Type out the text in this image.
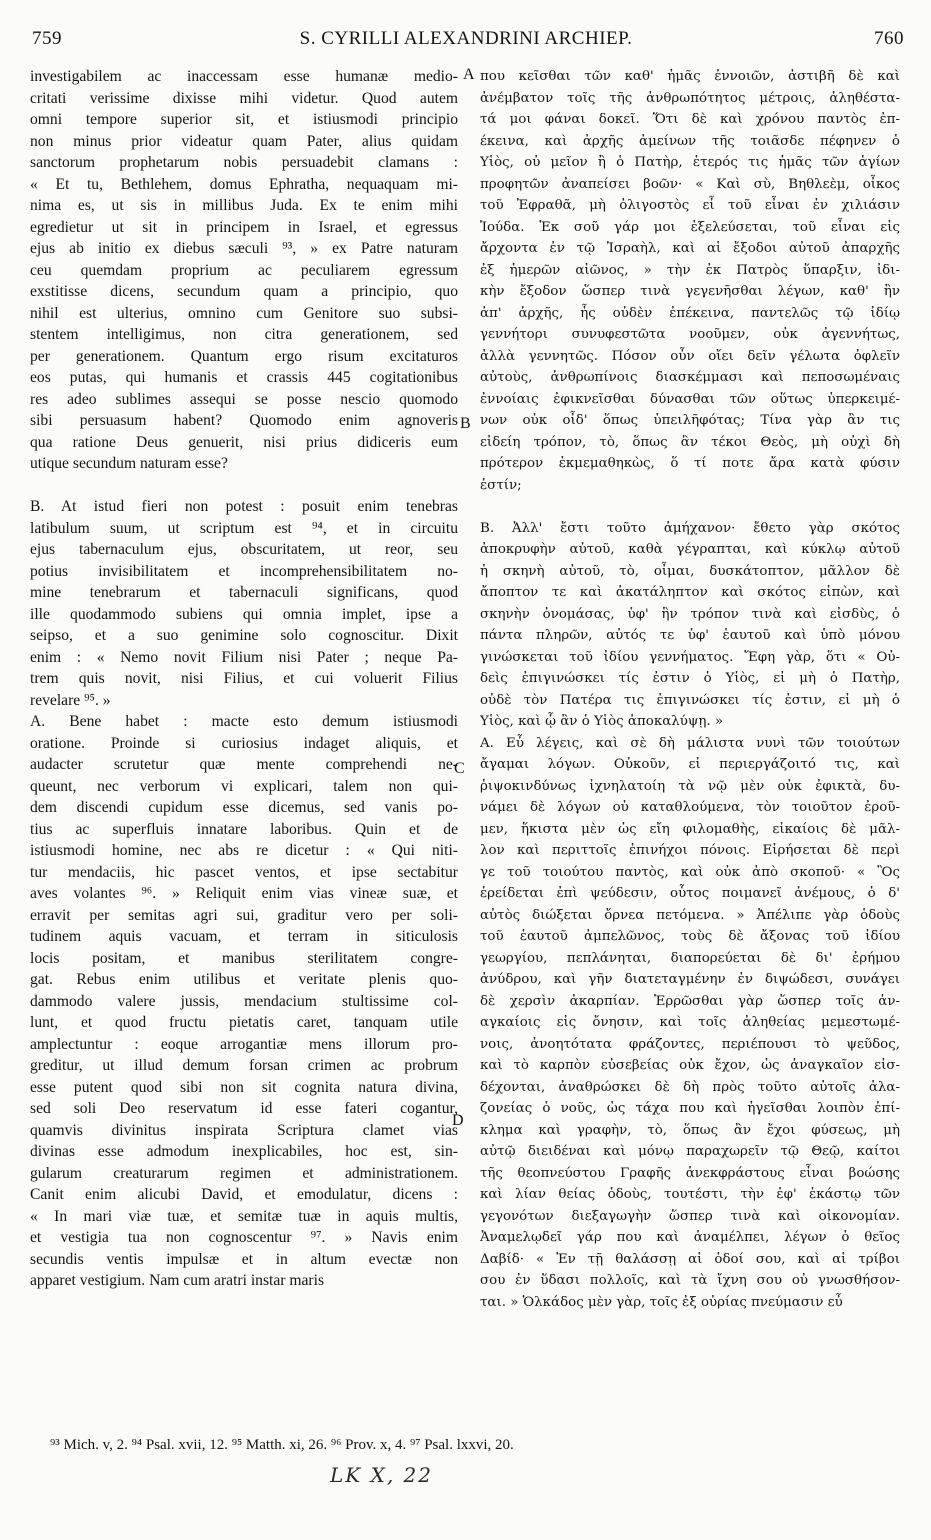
759	S. CYRILLI ALEXANDRINI ARCHIEP.	760
investigabilem ac inaccessam esse humanæ medio-
critati verissime dixisse mihi videtur. Quod autem
omni tempore superior sit, et istiusmodi principio
non minus prior videatur quam Pater, alius quidam
sanctorum prophetarum nobis persuadebit clamans :
« Et tu, Bethlehem, domus Ephratha, nequaquam mi-
nima es, ut sis in millibus Juda. Ex te enim mihi
egredietur ut sit in principem in Israel, et egressus
ejus ab initio ex diebus sæculi ⁹³, » ex Patre naturam
ceu quemdam proprium ac peculiarem egressum
exstitisse dicens, secundum quam a principio, quo
nihil est ulterius, omnino cum Genitore suo subsi-
stentem intelligimus, non citra generationem, sed
per generationem. Quantum ergo risum excitaturos
eos putas, qui humanis et crassis 445 cogitationibus
res adeo sublimes assequi se posse nescio quomodo
sibi persuasum habent? Quomodo enim agnoveris
qua ratione Deus genuerit, nisi prius didiceris eum
utique secundum naturam esse?
B. At istud fieri non potest : posuit enim tenebras
latibulum suum, ut scriptum est ⁹⁴, et in circuitu
ejus tabernaculum ejus, obscuritatem, ut reor, seu
potius invisibilitatem et incomprehensibilitatem no-
mine tenebrarum et tabernaculi significans, quod
ille quodammodo subiens qui omnia implet, ipse a
seipso, et a suo genimine solo cognoscitur. Dixit
enim : « Nemo novit Filium nisi Pater ; neque Pa-
trem quis novit, nisi Filius, et cui voluerit Filius
revelare ⁹⁵. »
A. Bene habet : macte esto demum istiusmodi
oratione. Proinde si curiosius indaget aliquis, et
audacter scrutetur quæ mente comprehendi ne-
queunt, nec verborum vi explicari, talem non qui-
dem discendi cupidum esse dicemus, sed vanis po-
tius ac superfluis innatare laboribus. Quin et de
istiusmodi homine, nec abs re dicetur : « Qui niti-
tur mendaciis, hic pascet ventos, et ipse sectabitur
aves volantes ⁹⁶. » Reliquit enim vias vineæ suæ, et
erravit per semitas agri sui, graditur vero per soli-
tudinem aquis vacuam, et terram in siticulosis
locis positam, et manibus sterilitatem congre-
gat. Rebus enim utilibus et veritate plenis quo-
dammodo valere jussis, mendacium stultissime col-
lunt, et quod fructu pietatis caret, tanquam utile
amplectuntur : eoque arrogantiæ mens illorum pro-
greditur, ut illud demum forsan crimen ac probrum
esse putent quod sibi non sit cognita natura divina,
sed soli Deo reservatum id esse fateri cogantur,
quamvis divinitus inspirata Scriptura clamet vias
divinas esse admodum inexplicabiles, hoc est, sin-
gularum creaturarum regimen et administrationem.
Canit enim alicubi David, et emodulatur, dicens :
« In mari viæ tuæ, et semitæ tuæ in aquis multis,
et vestigia tua non cognoscentur ⁹⁷. » Navis enim
secundis ventis impulsæ et in altum evectæ non
apparet vestigium. Nam cum aratri instar maris
που κεῖσθαι τῶν καθ' ἡμᾶς ἐννοιῶν, ἀστιβῆ δὲ καὶ
ἀνέμβατον τοῖς τῆς ἀνθρωπότητος μέτροις, ἀληθέστα-
τά μοι φάναι δοκεῖ. Ὅτι δὲ καὶ χρόνου παντὸς ἐπ-
έκεινα, καὶ ἀρχῆς ἀμείνων τῆς τοιᾶσδε πέφηνεν ὁ
Υἱὸς, οὐ μεῖον ἢ ὁ Πατὴρ, ἑτερός τις ἡμᾶς τῶν ἁγίων
προφητῶν ἀναπείσει βοῶν· « Καὶ σὺ, Βηθλεὲμ, οἶκος
τοῦ Ἐφραθᾶ, μὴ ὀλιγοστὸς εἶ τοῦ εἶναι ἐν χιλιάσιν
Ἰούδα. Ἐκ σοῦ γάρ μοι ἐξελεύσεται, τοῦ εἶναι εἰς
ἄρχοντα ἐν τῷ Ἰσραὴλ, καὶ αἱ ἔξοδοι αὐτοῦ ἀπαρχῆς
ἐξ ἡμερῶν αἰῶνος, » τὴν ἐκ Πατρὸς ὕπαρξιν, ἰδι-
κὴν ἔξοδον ὥσπερ τινὰ γεγενῆσθαι λέγων, καθ' ἣν
ἀπ' ἀρχῆς, ἧς οὐδὲν ἐπέκεινα, παντελῶς τῷ ἰδίῳ
γεννήτορι συνυφεστῶτα νοοῦμεν, οὐκ ἀγεννήτως,
ἀλλὰ γεννητῶς. Πόσον οὖν οἴει δεῖν γέλωτα ὀφλεῖν
αὐτοὺς, ἀνθρωπίνοις διασκέμμασι καὶ πεποσωμέναις
ἐννοίαις ἐφικνεῖσθαι δύνασθαι τῶν οὕτως ὑπερκειμέ-
νων οὐκ οἶδ' ὅπως ὑπειλῆφότας; Τίνα γὰρ ἂν τις
εἰδείη τρόπον, τὸ, ὅπως ἂν τέκοι Θεὸς, μὴ οὐχὶ δὴ
πρότερον ἐκμεμαθηκὼς, ὅ τί ποτε ἄρα κατὰ φύσιν
ἐστίν;
B. Ἀλλ' ἔστι τοῦτο ἀμήχανον· ἔθετο γὰρ σκότος
ἀποκρυφὴν αὐτοῦ, καθὰ γέγραπται, καὶ κύκλῳ αὐτοῦ
ἡ σκηνὴ αὐτοῦ, τὸ, οἶμαι, δυσκάτοπτον, μᾶλλον δὲ
ἄποπτον τε καὶ ἀκατάληπτον καὶ σκότος εἰπὼν, καὶ
σκηνὴν ὀνομάσας, ὑφ' ἣν τρόπον τινὰ καὶ εἰσδὺς, ὁ
πάντα πληρῶν, αὐτός τε ὑφ' ἑαυτοῦ καὶ ὑπὸ μόνου
γινώσκεται τοῦ ἰδίου γεννήματος. Ἔφη γὰρ, ὅτι « Οὐ-
δεὶς ἐπιγινώσκει τίς ἐστιν ὁ Υἱὸς, εἰ μὴ ὁ Πατὴρ,
οὐδὲ τὸν Πατέρα τις ἐπιγινώσκει τίς ἐστιν, εἰ μὴ ὁ
Υἱὸς, καὶ ᾧ ἂν ὁ Υἱὸς ἀποκαλύψῃ. »
A. Εὖ λέγεις, καὶ σὲ δὴ μάλιστα νυνὶ τῶν τοιούτων
ἄγαμαι λόγων. Οὐκοῦν, εἰ περιεργάζοιτό τις, καὶ
ῥιψοκινδύνως ἰχνηλατοίη τὰ νῷ μὲν οὐκ ἐφικτὰ, δυ-
νάμει δὲ λόγων οὐ καταθλούμενα, τὸν τοιοῦτον ἐροῦ-
μεν, ἥκιστα μὲν ὡς εἴη φιλομαθὴς, εἰκαίοις δὲ μᾶλ-
λον καὶ περιττοῖς ἐπινήχοι πόνοις. Εἰρήσεται δὲ περὶ
γε τοῦ τοιούτου παντὸς, καὶ οὐκ ἀπὸ σκοποῦ· « Ὃς
ἐρείδεται ἐπὶ ψεύδεσιν, οὗτος ποιμανεῖ ἀνέμους, ὁ δ'
αὐτὸς διώξεται ὄρνεα πετόμενα. » Ἀπέλιπε γὰρ ὁδοὺς
τοῦ ἑαυτοῦ ἀμπελῶνος, τοὺς δὲ ἄξονας τοῦ ἰδίου
γεωργίου, πεπλάνηται, διαπορεύεται δὲ δι' ἐρήμου
ἀνύδρου, καὶ γῆν διατεταγμένην ἐν διψώδεσι, συνάγει
δὲ χερσὶν ἀκαρπίαν. Ἐρρῶσθαι γὰρ ὥσπερ τοῖς ἀν-
αγκαίοις εἰς ὄνησιν, καὶ τοῖς ἀληθείας μεμεστωμέ-
νοις, ἀνοητότατα φράζοντες, περιέπουσι τὸ ψεῦδος,
καὶ τὸ καρπὸν εὐσεβείας οὐκ ἔχον, ὡς ἀναγκαῖον εἰσ-
δέχονται, ἀναθρώσκει δὲ δὴ πρὸς τοῦτο αὐτοῖς ἀλα-
ζονείας ὁ νοῦς, ὡς τάχα που καὶ ἡγεῖσθαι λοιπὸν ἐπί-
κλημα καὶ γραφὴν, τὸ, ὅπως ἂν ἔχοι φύσεως, μὴ
αὐτῷ διειδέναι καὶ μόνῳ παραχωρεῖν τῷ Θεῷ, καίτοι
τῆς θεοπνεύστου Γραφῆς ἀνεκφράστους εἶναι βοώσης
καὶ λίαν θείας ὁδοὺς, τουτέστι, τὴν ἐφ' ἑκάστῳ τῶν
γεγονότων διεξαγωγὴν ὥσπερ τινὰ καὶ οἰκονομίαν.
Ἀναμελῳδεῖ γάρ που καὶ ἀναμέλπει, λέγων ὁ θεῖος
Δαβίδ· « Ἐν τῇ θαλάσσῃ αἱ ὁδοί σου, καὶ αἱ τρίβοι
σου ἐν ὕδασι πολλοῖς, καὶ τὰ ἴχνη σου οὐ γνωσθήσον-
ται. » Ὁλκάδος μὲν γὰρ, τοῖς ἐξ οὐρίας πνεύμασιν εὖ
A
B
C
D
⁹³ Mich. v, 2. ⁹⁴ Psal. xvii, 12. ⁹⁵ Matth. xi, 26. ⁹⁶ Prov. x, 4. ⁹⁷ Psal. lxxvi, 20.
LK X, 22
